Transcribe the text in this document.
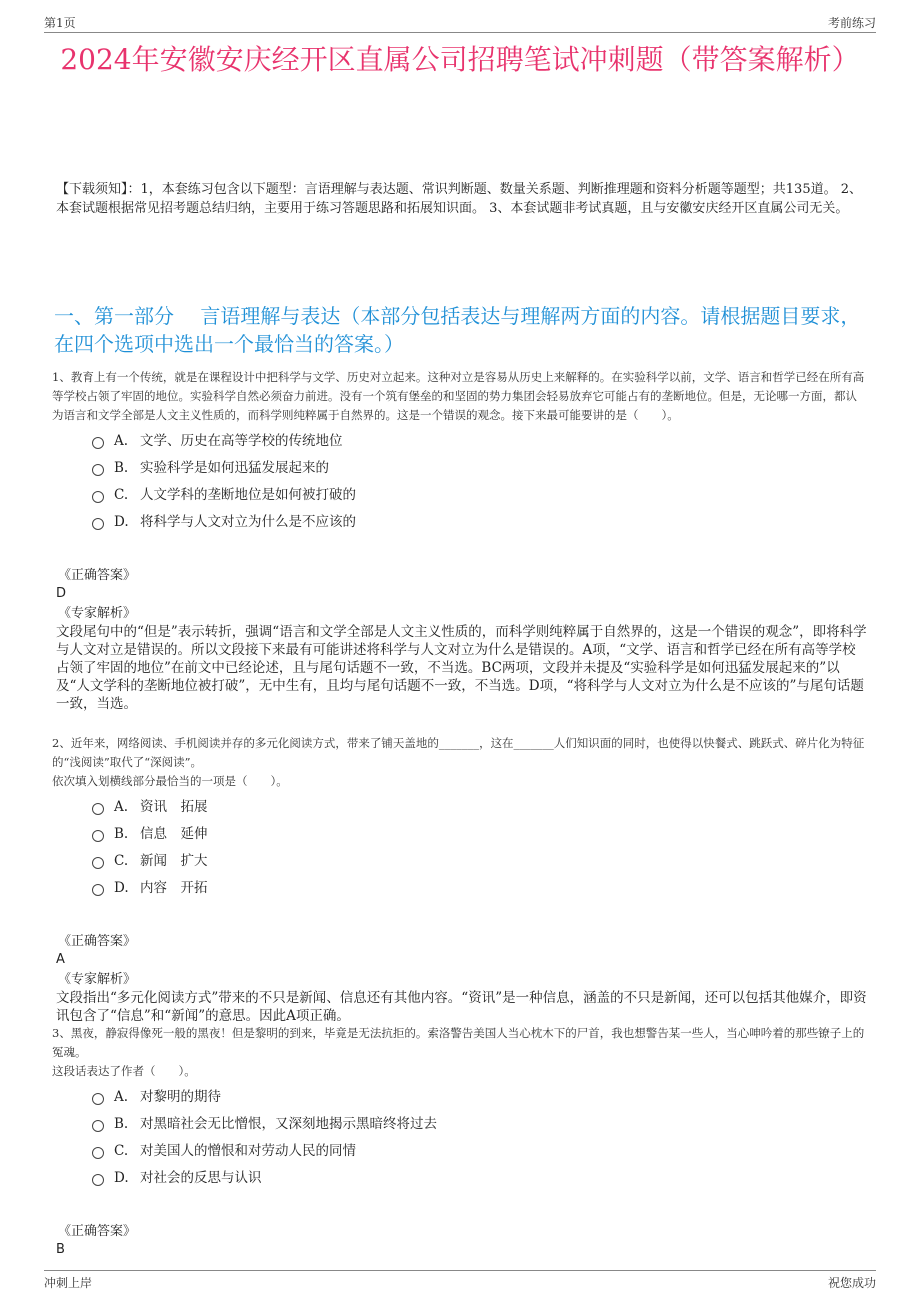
第1页	考前练习
2024年安徽安庆经开区直属公司招聘笔试冲刺题（带答案解析）
【下载须知】：1，本套练习包含以下题型：言语理解与表达题、常识判断题、数量关系题、判断推理题和资料分析题等题型；共135道。 2、本套试题根据常见招考题总结归纳，主要用于练习答题思路和拓展知识面。 3、本套试题非考试真题，且与安徽安庆经开区直属公司无关。
一、第一部分　 言语理解与表达（本部分包括表达与理解两方面的内容。请根据题目要求，在四个选项中选出一个最恰当的答案。）
1、教育上有一个传统，就是在课程设计中把科学与文学、历史对立起来。这种对立是容易从历史上来解释的。在实验科学以前，文学、语言和哲学已经在所有高等学校占领了牢固的地位。实验科学自然必须奋力前进。没有一个筑有堡垒的和坚固的势力集团会轻易放弃它可能占有的垄断地位。但是，无论哪一方面，都认为语言和文学全部是人文主义性质的，而科学则纯粹属于自然界的。这是一个错误的观念。接下来最可能要讲的是（　　）。
A. 文学、历史在高等学校的传统地位
B. 实验科学是如何迅猛发展起来的
C. 人文学科的垄断地位是如何被打破的
D. 将科学与人文对立为什么是不应该的
《正确答案》
D
《专家解析》
文段尾句中的“但是”表示转折，强调“语言和文学全部是人文主义性质的，而科学则纯粹属于自然界的，这是一个错误的观念”，即将科学与人文对立是错误的。所以文段接下来最有可能讲述将科学与人文对立为什么是错误的。A项，“文学、语言和哲学已经在所有高等学校占领了牢固的地位”在前文中已经论述，且与尾句话题不一致，不当选。BC两项，文段并未提及“实验科学是如何迅猛发展起来的”以及“人文学科的垄断地位被打破”，无中生有，且均与尾句话题不一致，不当选。D项，“将科学与人文对立为什么是不应该的”与尾句话题一致，当选。
2、近年来，网络阅读、手机阅读并存的多元化阅读方式，带来了铺天盖地的_______，这在_______人们知识面的同时，也使得以快餐式、跳跃式、碎片化为特征的“浅阅读”取代了“深阅读”。
依次填入划横线部分最恰当的一项是（　　）。
A. 资讯　拓展
B. 信息　延伸
C. 新闻　扩大
D. 内容　开拓
《正确答案》
A
《专家解析》
文段指出“多元化阅读方式”带来的不只是新闻、信息还有其他内容。“资讯”是一种信息，涵盖的不只是新闻，还可以包括其他媒介，即资讯包含了“信息”和“新闻”的意思。因此A项正确。
3、黑夜，静寂得像死一般的黑夜！但是黎明的到来，毕竟是无法抗拒的。索洛警告美国人当心枕木下的尸首，我也想警告某一些人，当心呻吟着的那些镣子上的冤魂。
这段话表达了作者（　　）。
A. 对黎明的期待
B. 对黑暗社会无比憎恨，又深刻地揭示黑暗终将过去
C. 对美国人的憎恨和对劳动人民的同情
D. 对社会的反思与认识
《正确答案》
B
冲刺上岸	祝您成功
